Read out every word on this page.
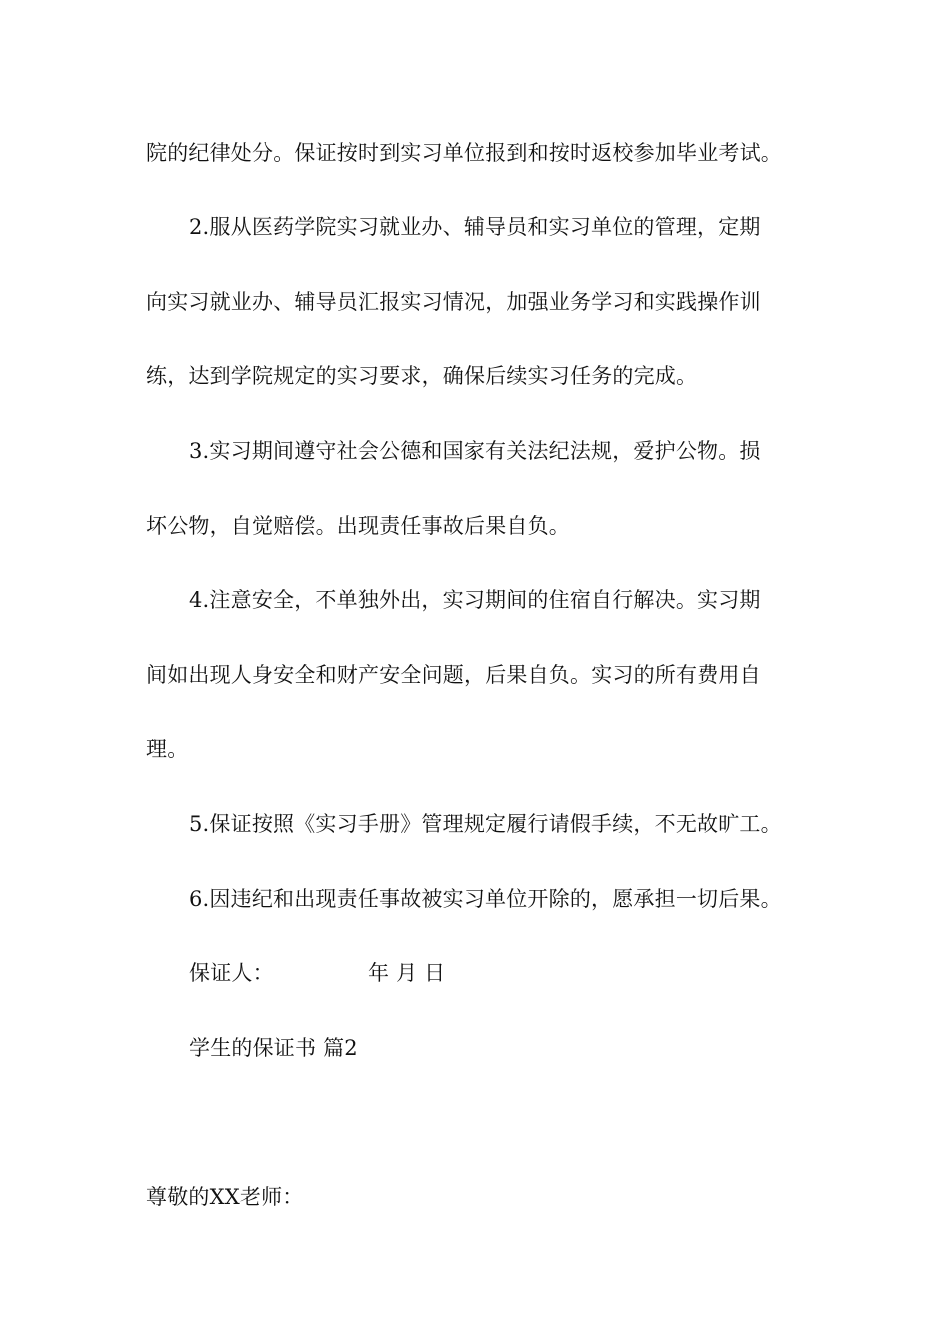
院的纪律处分。保证按时到实习单位报到和按时返校参加毕业考试。
2.服从医药学院实习就业办、辅导员和实习单位的管理，定期
向实习就业办、辅导员汇报实习情况，加强业务学习和实践操作训
练，达到学院规定的实习要求，确保后续实习任务的完成。
3.实习期间遵守社会公德和国家有关法纪法规，爱护公物。损
坏公物，自觉赔偿。出现责任事故后果自负。
4.注意安全，不单独外出，实习期间的住宿自行解决。实习期
间如出现人身安全和财产安全问题，后果自负。实习的所有费用自
理。
5.保证按照《实习手册》管理规定履行请假手续，不无故旷工。
6.因违纪和出现责任事故被实习单位开除的，愿承担一切后果。
保证人：	年 月 日
学生的保证书 篇2
尊敬的XX老师：
